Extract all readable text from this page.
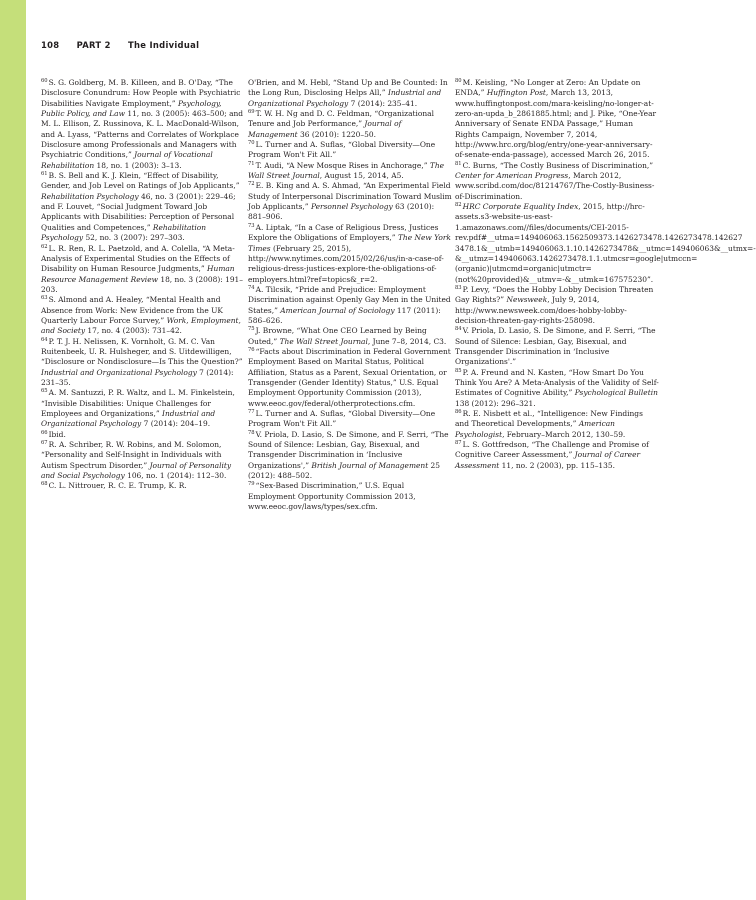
108 PART 2 The Individual

$^{60}$S. G. Goldberg, M. B. Killeen, and B. O'Day, “The Disclosure Conundrum: How People with Psychiatric Disabilities Navigate Employment,” Psychology, Public Policy, and Law 11, no. 3 (2005): 463–500; and M. L. Ellison, Z. Russinova, K. L. MacDonald-Wilson, and A. Lyass, “Patterns and Correlates of Workplace Disclosure among Professionals and Managers with Psychiatric Conditions,” Journal of Vocational Rehabilitation 18, no. 1 (2003): 3–13.

$^{61}$B. S. Bell and K. J. Klein, “Effect of Disability, Gender, and Job Level on Ratings of Job Applicants,” Rehabilitation Psychology 46, no. 3 (2001): 229–46; and F. Louvet, “Social Judgment Toward Job Applicants with Disabilities: Perception of Personal Qualities and Competences,” Rehabilitation Psychology 52, no. 3 (2007): 297–303.

$^{62}$L. R. Ren, R. L. Paetzold, and A. Colella, “A Meta-Analysis of Experimental Studies on the Effects of Disability on Human Resource Judgments,” Human Resource Management Review 18, no. 3 (2008): 191–203.

$^{63}$S. Almond and A. Healey, “Mental Health and Absence from Work: New Evidence from the UK Quarterly Labour Force Survey,” Work, Employment, and Society 17, no. 4 (2003): 731–42.

$^{64}$P. T. J. H. Nelissen, K. Vornholt, G. M. C. Van Ruitenbeek, U. R. Hulsheger, and S. Uitdewilligen, “Disclosure or Nondisclosure—Is This the Question?” Industrial and Organizational Psychology 7 (2014): 231–35.

$^{65}$A. M. Santuzzi, P. R. Waltz, and L. M. Finkelstein, “Invisible Disabilities: Unique Challenges for Employees and Organizations,” Industrial and Organizational Psychology 7 (2014): 204–19.

$^{66}$Ibid.

$^{67}$R. A. Schriber, R. W. Robins, and M. Solomon, “Personality and Self-Insight in Individuals with Autism Spectrum Disorder,” Journal of Personality and Social Psychology 106, no. 1 (2014): 112–30.

$^{68}$C. L. Nittrouer, R. C. E. Trump, K. R.

O'Brien, and M. Hebl, “Stand Up and Be Counted: In the Long Run, Disclosing Helps All,” Industrial and Organizational Psychology 7 (2014): 235–41.

$^{69}$T. W. H. Ng and D. C. Feldman, “Organizational Tenure and Job Performance,” Journal of Management 36 (2010): 1220–50.

$^{70}$L. Turner and A. Suflas, “Global Diversity—One Program Won't Fit All.”

$^{71}$T. Audi, “A New Mosque Rises in Anchorage,” The Wall Street Journal, August 15, 2014, A5.

$^{72}$E. B. King and A. S. Ahmad, “An Experimental Field Study of Interpersonal Discrimination Toward Muslim Job Applicants,” Personnel Psychology 63 (2010): 881–906.

$^{73}$A. Liptak, “In a Case of Religious Dress, Justices Explore the Obligations of Employers,” The New York Times (February 25, 2015), http://www.nytimes.com/2015/02/26/us/in-a-case-of-religious-dress-justices-explore-the-obligations-of-employers.html?ref=topics&_r=2.

$^{74}$A. Tilcsik, “Pride and Prejudice: Employment Discrimination against Openly Gay Men in the United States,” American Journal of Sociology 117 (2011): 586–626.

$^{75}$J. Browne, “What One CEO Learned by Being Outed,” The Wall Street Journal, June 7–8, 2014, C3.

$^{76}$“Facts about Discrimination in Federal Government Employment Based on Marital Status, Political Affiliation, Status as a Parent, Sexual Orientation, or Transgender (Gender Identity) Status,” U.S. Equal Employment Opportunity Commission (2013), www.eeoc.gov/federal/otherprotections.cfm.

$^{77}$L. Turner and A. Suflas, “Global Diversity—One Program Won't Fit All.”

$^{78}$V. Priola, D. Lasio, S. De Simone, and F. Serri, “The Sound of Silence: Lesbian, Gay, Bisexual, and Transgender Discrimination in ‘Inclusive Organizations',” British Journal of Management 25 (2012): 488–502.

$^{79}$“Sex-Based Discrimination,” U.S. Equal Employment Opportunity Commission 2013, www.eeoc.gov/laws/types/sex.cfm.

$^{80}$M. Keisling, “No Longer at Zero: An Update on ENDA,” Huffington Post, March 13, 2013, www.huffingtonpost.com/mara-keisling/no-longer-at-zero-an-upda_b_2861885.html; and J. Pike, “One-Year Anniversary of Senate ENDA Passage,” Human Rights Campaign, November 7, 2014, http://www.hrc.org/blog/entry/one-year-anniversary-of-senate-enda-passage), accessed March 26, 2015.

$^{81}$C. Burns, “The Costly Business of Discrimination,” Center for American Progress, March 2012, www.scribd.com/doc/81214767/The-Costly-Business-of-Discrimination.

$^{82}$HRC Corporate Equality Index, 2015, http://hrc-assets.s3-website-us-east-1.amazonaws.com//files/documents/CEI-2015-rev.pdf#__utma=149406063.1562509373.1426273478.1426273478.142627 3478.1&__utmb=149406063.1.10.1426273478&__utmc=149406063&__utmx=-&__utmz=149406063.1426273478.1.1.utmcsr=google|utmccn=(organic)|utmcmd=organic|utmctr=(not%20provided)&__utmv=-&__utmk=167575230”.

$^{83}$P. Levy, “Does the Hobby Lobby Decision Threaten Gay Rights?” Newsweek, July 9, 2014, http://www.newsweek.com/does-hobby-lobby-decision-threaten-gay-rights-258098.

$^{84}$V. Priola, D. Lasio, S. De Simone, and F. Serri, “The Sound of Silence: Lesbian, Gay, Bisexual, and Transgender Discrimination in ‘Inclusive Organizations'.”

$^{85}$P. A. Freund and N. Kasten, “How Smart Do You Think You Are? A Meta-Analysis of the Validity of Self-Estimates of Cognitive Ability,” Psychological Bulletin 138 (2012): 296–321.

$^{86}$R. E. Nisbett et al., “Intelligence: New Findings and Theoretical Developments,” American Psychologist, February–March 2012, 130–59.

$^{87}$L. S. Gottfredson, “The Challenge and Promise of Cognitive Career Assessment,” Journal of Career Assessment 11, no. 2 (2003), pp. 115–135.
